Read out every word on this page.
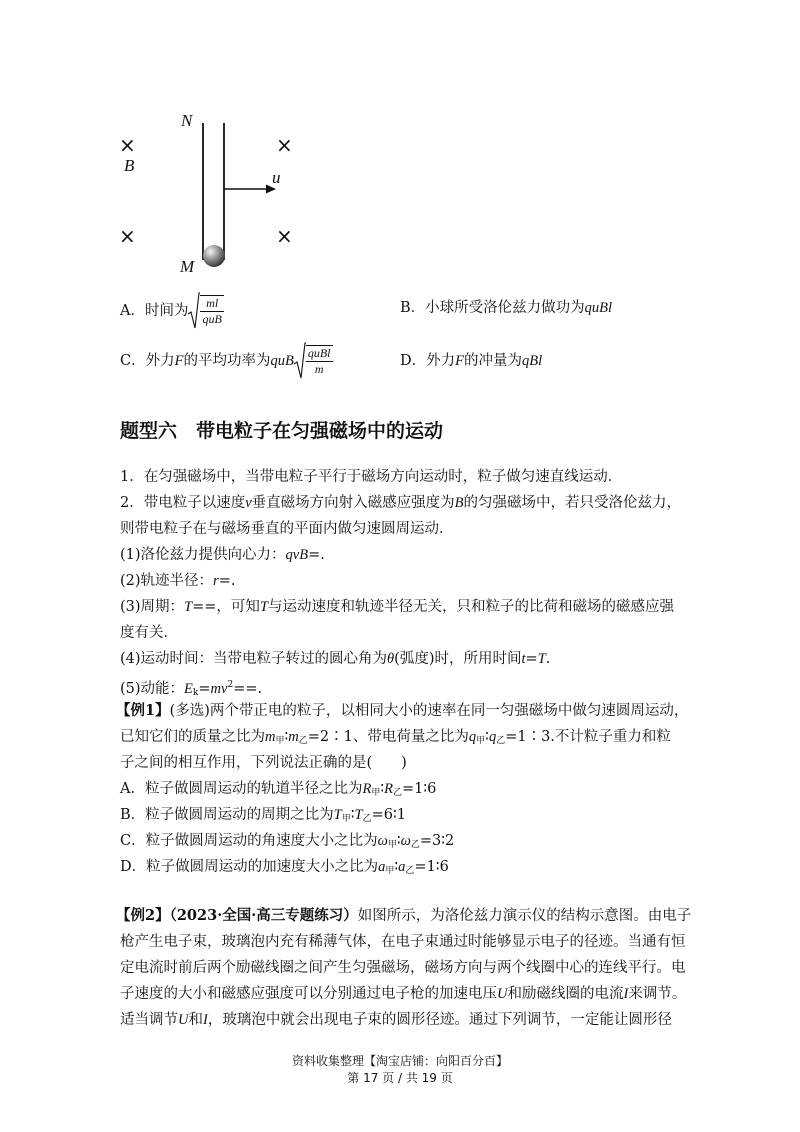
N
M
B
u
×	×
×	×
A．时间为 $\frac{ml}{\text{quB}}$	B．小球所受洛伦兹力做功为quBl
C．外力F的平均功率为quB $\frac{\text{quBl}}{m}$	D．外力F的冲量为qBl
题型六　带电粒子在匀强磁场中的运动
1．在匀强磁场中，当带电粒子平行于磁场方向运动时，粒子做匀速直线运动．
2．带电粒子以速度v垂直磁场方向射入磁感应强度为B的匀强磁场中，若只受洛伦兹力，
则带电粒子在与磁场垂直的平面内做匀速圆周运动．
(1)洛伦兹力提供向心力：qvB=.
(2)轨迹半径：r=.
(3)周期：T==，可知T与运动速度和轨迹半径无关，只和粒子的比荷和磁场的磁感应强
度有关．
(4)运动时间：当带电粒子转过的圆心角为θ(弧度)时，所用时间t=T.
(5)动能：$E_k=mv^2==$.
【例1】(多选)两个带正电的粒子，以相同大小的速率在同一匀强磁场中做匀速圆周运动，
已知它们的质量之比为$m_甲∶m_乙=2∶1$、带电荷量之比为$q_甲∶q_乙=1∶3$.不计粒子重力和粒
子之间的相互作用，下列说法正确的是(　　)
A．粒子做圆周运动的轨道半径之比为$R_甲∶R_乙=1∶6$
B．粒子做圆周运动的周期之比为$T_甲∶T_乙=6∶1$
C．粒子做圆周运动的角速度大小之比为$\omega_甲∶\omega_乙=3∶2$
D．粒子做圆周运动的加速度大小之比为$a_甲∶a_乙=1∶6$
【例2】（2023·全国·高三专题练习）如图所示，为洛伦兹力演示仪的结构示意图。由电子
枪产生电子束，玻璃泡内充有稀薄气体，在电子束通过时能够显示电子的径迹。当通有恒
定电流时前后两个励磁线圈之间产生匀强磁场，磁场方向与两个线圈中心的连线平行。电
子速度的大小和磁感应强度可以分别通过电子枪的加速电压U和励磁线圈的电流I来调节。
适当调节U和I，玻璃泡中就会出现电子束的圆形径迹。通过下列调节，一定能让圆形径
资料收集整理【淘宝店铺：向阳百分百】
第 17 页 / 共 19 页
